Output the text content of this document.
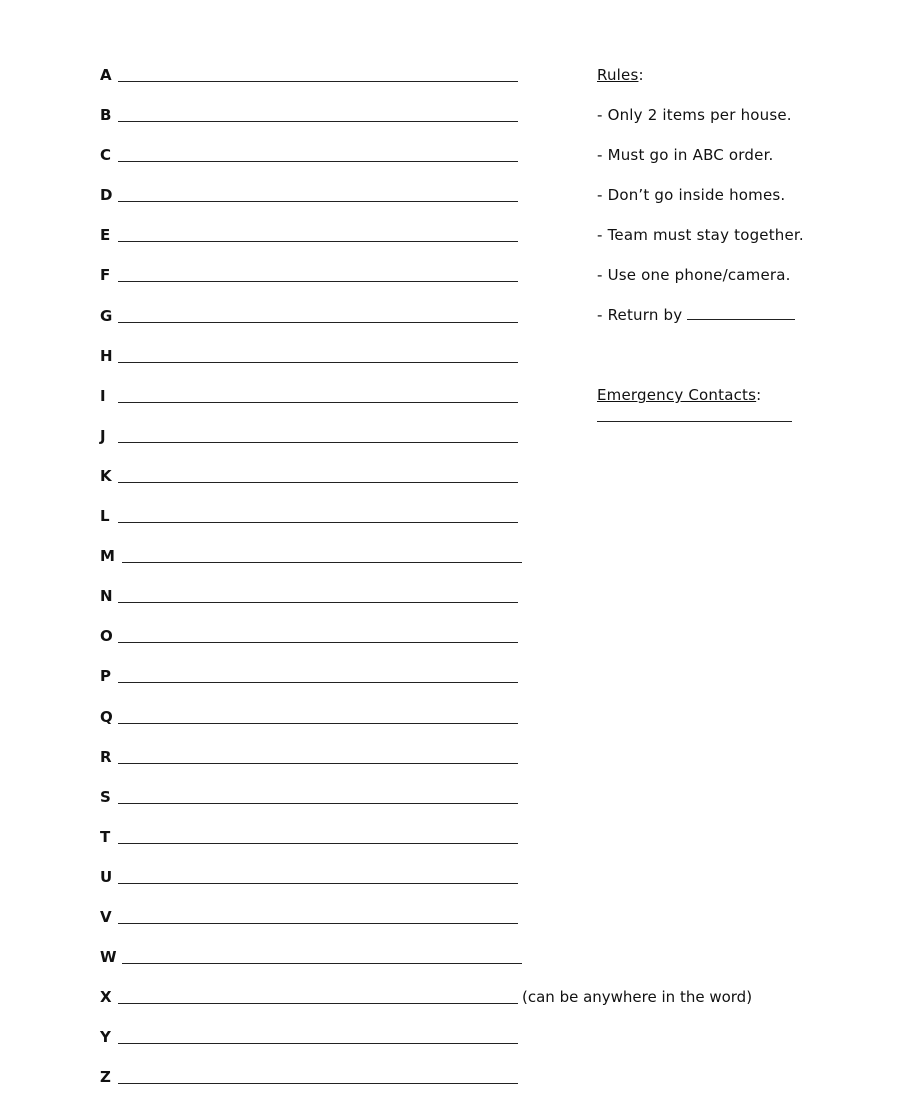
A
B
C
D
E
F
G
H
I
J
K
L
M
N
O
P
Q
R
S
T
U
V
W
X	(can be anywhere in the word)
Y
Z
Rules:
- Only 2 items per house.
- Must go in ABC order.
- Don’t go inside homes.
- Team must stay together.
- Use one phone/camera.
- Return by
Emergency Contacts:
